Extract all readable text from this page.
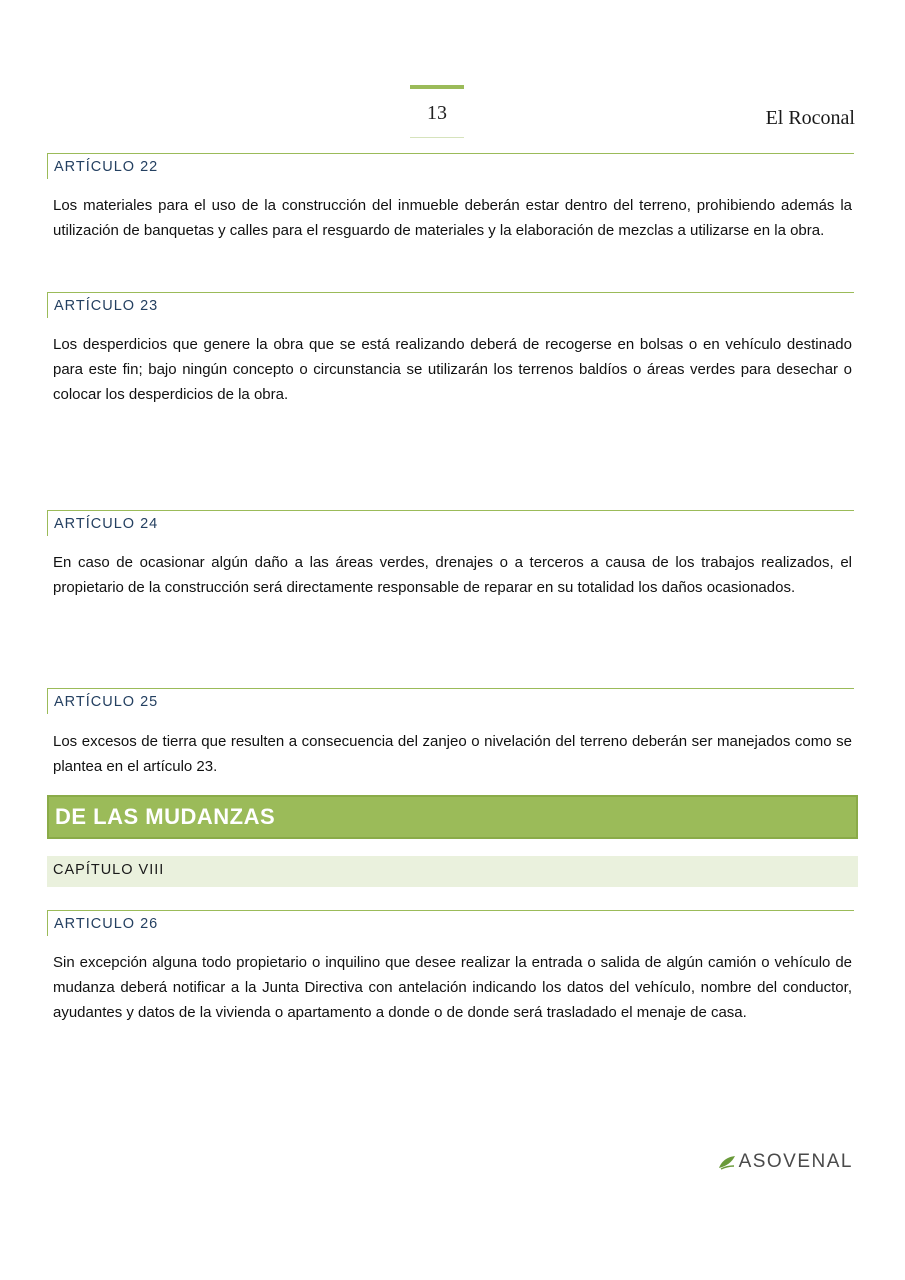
13	El Roconal
ARTÍCULO 22
Los materiales para el uso de la construcción del inmueble deberán estar dentro del terreno, prohibiendo además la utilización de banquetas y calles para el resguardo de materiales y la elaboración de mezclas a utilizarse en la obra.
ARTÍCULO 23
Los desperdicios que genere la obra que se está realizando deberá de recogerse en bolsas o en vehículo destinado para este fin; bajo ningún concepto o circunstancia se utilizarán los terrenos baldíos o áreas verdes para desechar o colocar los desperdicios de la obra.
ARTÍCULO 24
En caso de ocasionar algún daño a las áreas verdes, drenajes o a terceros a causa de los trabajos realizados, el propietario de la construcción será directamente responsable de reparar en su totalidad los daños ocasionados.
ARTÍCULO 25
Los excesos de tierra que resulten a consecuencia del zanjeo o nivelación del terreno deberán ser manejados como se plantea en el artículo 23.
DE LAS MUDANZAS
CAPÍTULO VIII
ARTICULO 26
Sin excepción alguna todo propietario o inquilino que desee realizar la entrada o salida de algún camión o vehículo de mudanza deberá notificar a la Junta Directiva con antelación indicando los datos del vehículo, nombre del conductor, ayudantes y datos de la vivienda o apartamento a donde o de donde será trasladado el menaje de casa.
ASOVENAL
